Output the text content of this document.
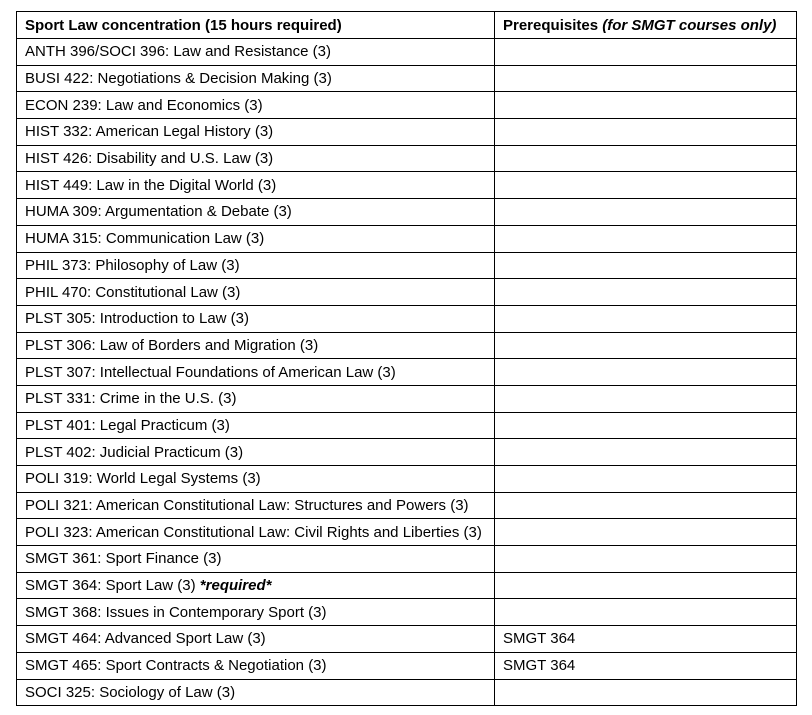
Sport Law concentration (15 hours required)	Prerequisites (for SMGT courses only)
ANTH 396/SOCI 396: Law and Resistance (3)	
BUSI 422: Negotiations & Decision Making (3)	
ECON 239: Law and Economics (3)	
HIST 332: American Legal History (3)	
HIST 426: Disability and U.S. Law (3)	
HIST 449: Law in the Digital World (3)	
HUMA 309: Argumentation & Debate (3)	
HUMA 315: Communication Law (3)	
PHIL 373: Philosophy of Law (3)	
PHIL 470: Constitutional Law (3)	
PLST 305: Introduction to Law (3)	
PLST 306: Law of Borders and Migration (3)	
PLST 307: Intellectual Foundations of American Law (3)	
PLST 331: Crime in the U.S. (3)	
PLST 401: Legal Practicum (3)	
PLST 402: Judicial Practicum (3)	
POLI 319: World Legal Systems (3)	
POLI 321: American Constitutional Law: Structures and Powers (3)	
POLI 323: American Constitutional Law: Civil Rights and Liberties (3)	
SMGT 361: Sport Finance (3)	
SMGT 364: Sport Law (3) *required*	
SMGT 368: Issues in Contemporary Sport (3)	
SMGT 464: Advanced Sport Law (3)	SMGT 364
SMGT 465: Sport Contracts & Negotiation (3)	SMGT 364
SOCI 325: Sociology of Law (3)	
